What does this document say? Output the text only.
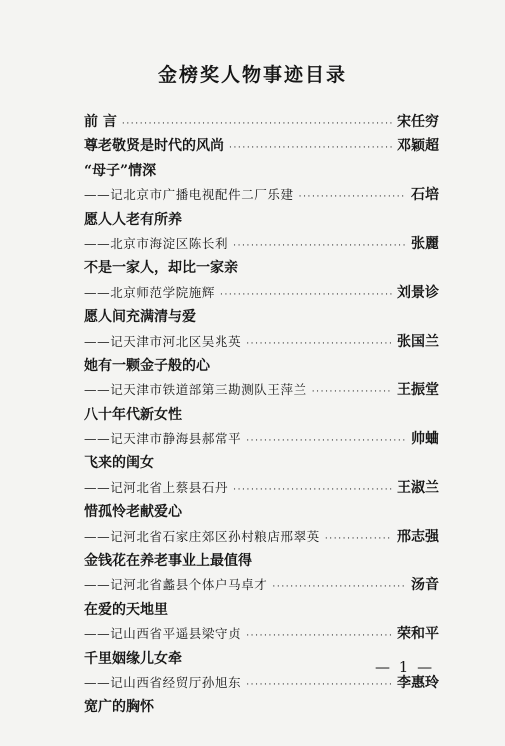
金榜奖人物事迹目录
前 言 ·····	宋任穷
尊老敬贤是时代的风尚 ·····	邓颖超
“母子”情深
——记北京市广播电视配件二厂乐建 ·····	石培
愿人人老有所养
——北京市海淀区陈长利 ·····	张麗
不是一家人，却比一家亲
——北京师范学院施辉 ·····	刘景诊
愿人间充满清与爱
——记天津市河北区吴兆英 ·····	张国兰
她有一颗金子般的心
——记天津市铁道部第三勘测队王萍兰 ·····	王振堂
八十年代新女性
——记天津市静海县郝常平 ·····	帅蛐
飞来的闺女
——记河北省上蔡县石丹 ·····	王淑兰
惜孤怜老献爱心
——记河北省石家庄郊区孙村粮店邢翠英 ·····	邢志强
金钱花在养老事业上最值得
——记河北省蠡县个体户马卓才 ·····	汤音
在爱的天地里
——记山西省平遥县梁守贞 ·····	荣和平
千里姻缘儿女牵
——记山西省经贸厅孙旭东 ·····	李惠玲
宽广的胸怀
— 1 —
